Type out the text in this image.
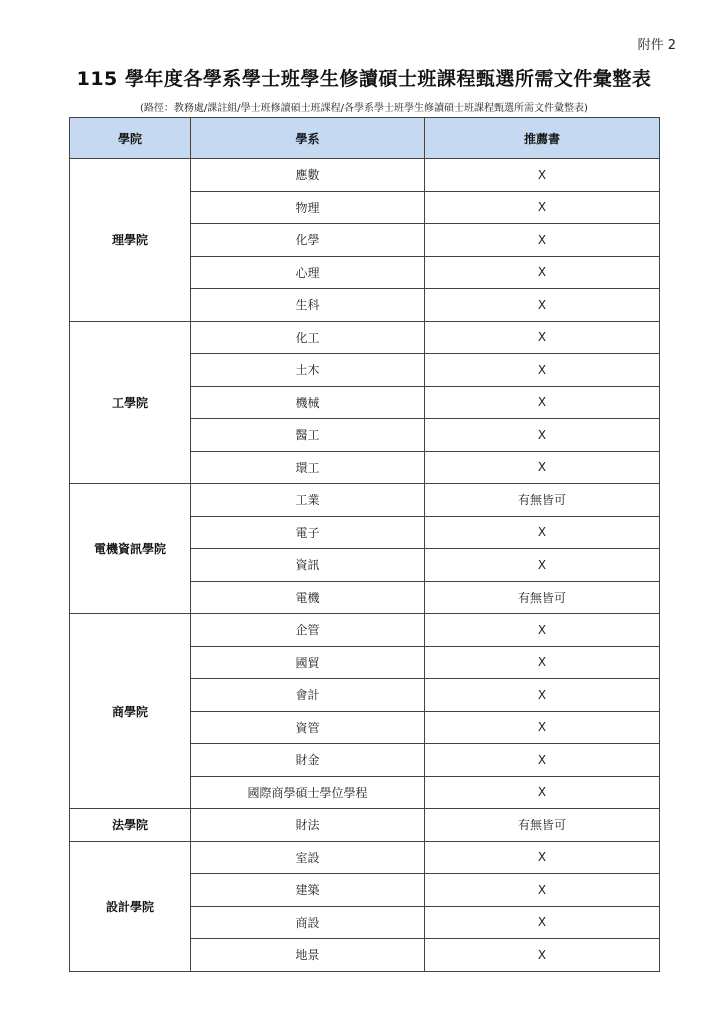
附件 2
115 學年度各學系學士班學生修讀碩士班課程甄選所需文件彙整表
(路徑：教務處/課註組/學士班修讀碩士班課程/各學系學士班學生修讀碩士班課程甄選所需文件彙整表)
學院	學系	推薦書
理學院	應數	X
	物理	X
	化學	X
	心理	X
	生科	X
工學院	化工	X
	土木	X
	機械	X
	醫工	X
	環工	X
電機資訊學院	工業	有無皆可
	電子	X
	資訊	X
	電機	有無皆可
商學院	企管	X
	國貿	X
	會計	X
	資管	X
	財金	X
	國際商學碩士學位學程	X
法學院	財法	有無皆可
設計學院	室設	X
	建築	X
	商設	X
	地景	X
